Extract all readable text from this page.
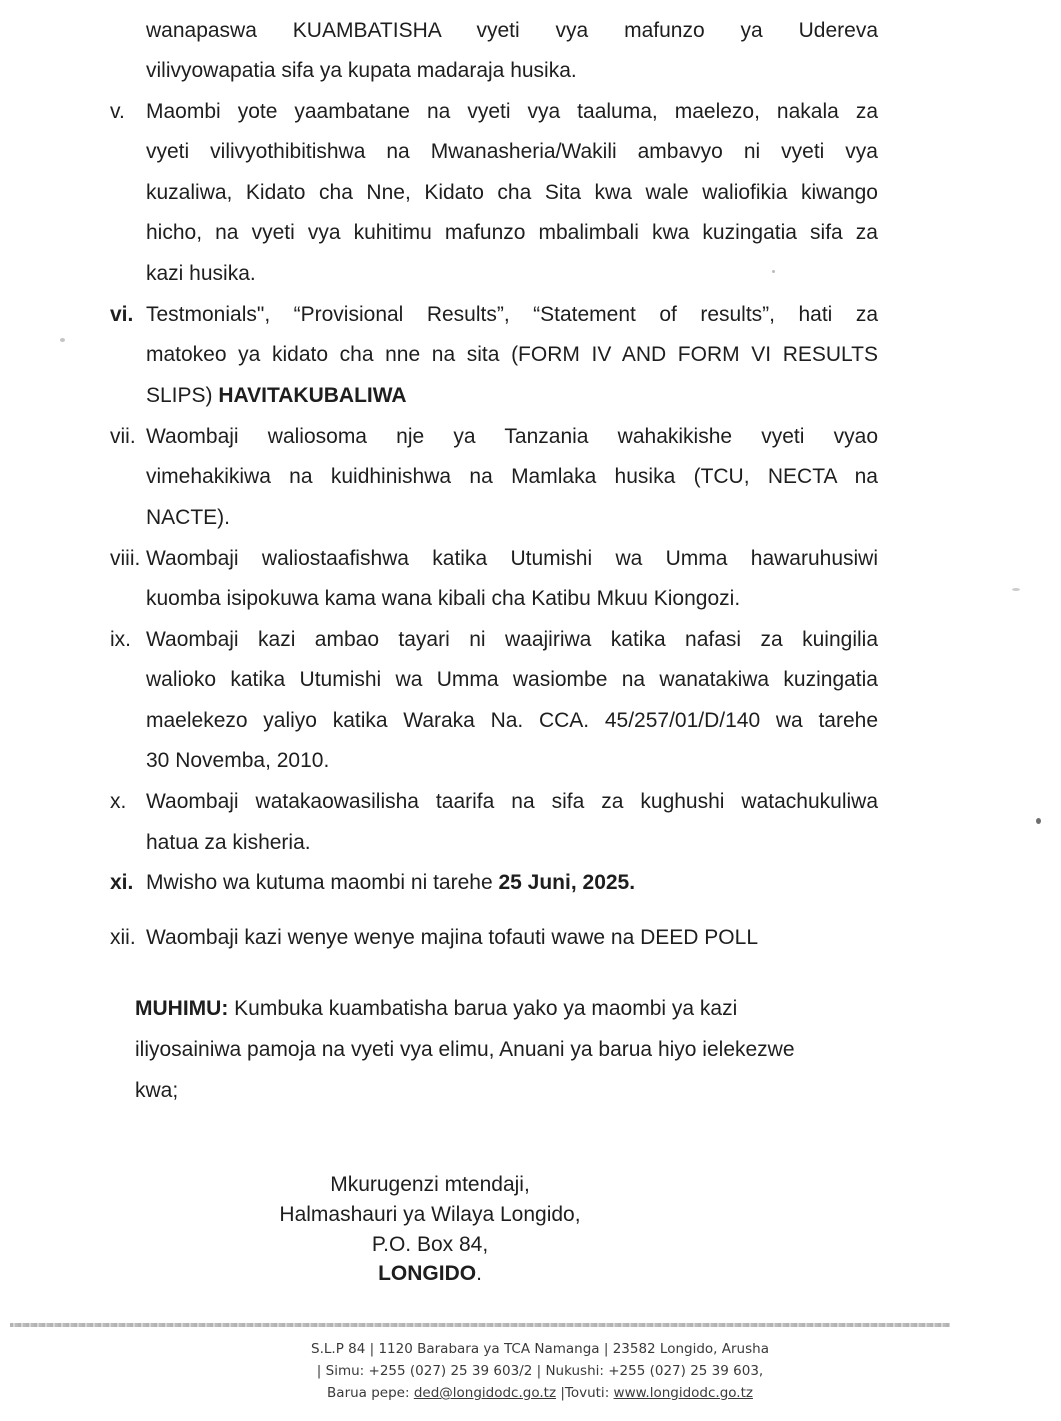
wanapaswa KUAMBATISHA vyeti vya mafunzo ya Udereva
vilivyowapatia sifa ya kupata madaraja husika.
v. Maombi yote yaambatane na vyeti vya taaluma, maelezo, nakala za
vyeti vilivyothibitishwa na Mwanasheria/Wakili ambavyo ni vyeti vya
kuzaliwa, Kidato cha Nne, Kidato cha Sita kwa wale waliofikia kiwango
hicho, na vyeti vya kuhitimu mafunzo mbalimbali kwa kuzingatia sifa za
kazi husika.
vi. Testmonials", “Provisional Results”, “Statement of results”, hati za
matokeo ya kidato cha nne na sita (FORM IV AND FORM VI RESULTS
SLIPS) HAVITAKUBALIWA
vii. Waombaji waliosoma nje ya Tanzania wahakikishe vyeti vyao
vimehakikiwa na kuidhinishwa na Mamlaka husika (TCU, NECTA na
NACTE).
viii. Waombaji waliostaafishwa katika Utumishi wa Umma hawaruhusiwi
kuomba isipokuwa kama wana kibali cha Katibu Mkuu Kiongozi.
ix. Waombaji kazi ambao tayari ni waajiriwa katika nafasi za kuingilia
walioko katika Utumishi wa Umma wasiombe na wanatakiwa kuzingatia
maelekezo yaliyo katika Waraka Na. CCA. 45/257/01/D/140 wa tarehe
30 Novemba, 2010.
x. Waombaji watakaowasilisha taarifa na sifa za kughushi watachukuliwa
hatua za kisheria.
xi. Mwisho wa kutuma maombi ni tarehe 25 Juni, 2025.
xii. Waombaji kazi wenye wenye majina tofauti wawe na DEED POLL
MUHIMU: Kumbuka kuambatisha barua yako ya maombi ya kazi
iliyosainiwa pamoja na vyeti vya elimu, Anuani ya barua hiyo ielekezwe
kwa;
Mkurugenzi mtendaji,
Halmashauri ya Wilaya Longido,
P.O. Box 84,
LONGIDO.
S.L.P 84 | 1120 Barabara ya TCA Namanga | 23582 Longido, Arusha
| Simu: +255 (027) 25 39 603/2 | Nukushi: +255 (027) 25 39 603,
Barua pepe: ded@longidodc.go.tz |Tovuti: www.longidodc.go.tz
